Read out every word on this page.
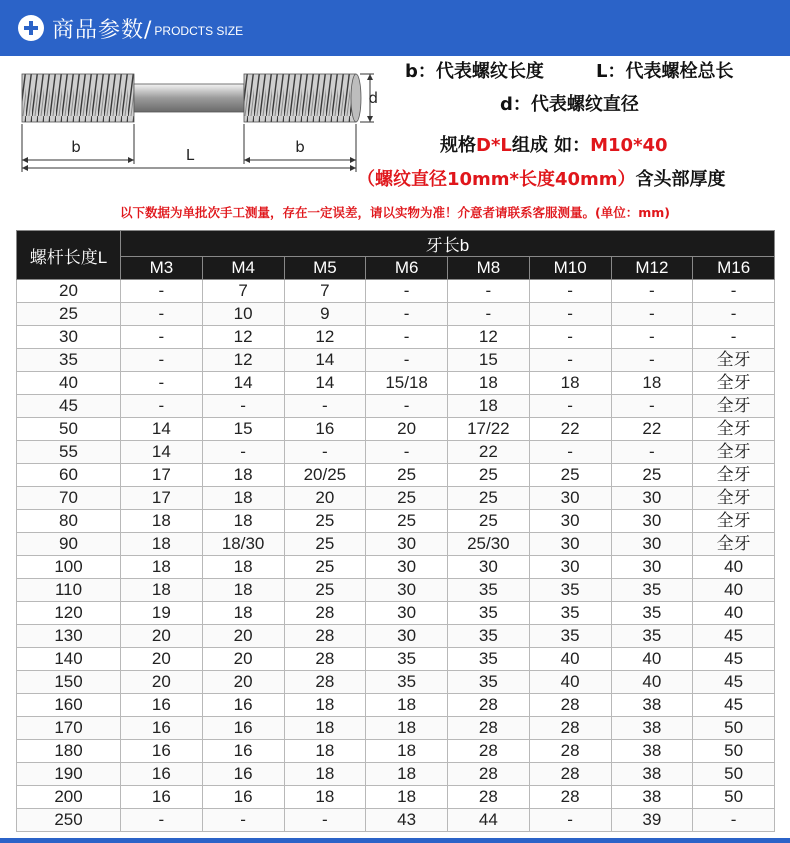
商品参数/ PRODCTS SIZE
b	b
L
d
b：代表螺纹长度	L：代表螺栓总长
d：代表螺纹直径
规格D*L组成 如：M10*40
（螺纹直径10mm*长度40mm）含头部厚度
以下数据为单批次手工测量，存在一定误差，请以实物为准！介意者请联系客服测量。(单位：mm)
螺杆长度L	牙长b							
	M3	M4	M5	M6	M8	M10	M12	M16
20	-	7	7	-	-	-	-	-
25	-	10	9	-	-	-	-	-
30	-	12	12	-	12	-	-	-
35	-	12	14	-	15	-	-	全牙
40	-	14	14	15/18	18	18	18	全牙
45	-	-	-	-	18	-	-	全牙
50	14	15	16	20	17/22	22	22	全牙
55	14	-	-	-	22	-	-	全牙
60	17	18	20/25	25	25	25	25	全牙
70	17	18	20	25	25	30	30	全牙
80	18	18	25	25	25	30	30	全牙
90	18	18/30	25	30	25/30	30	30	全牙
100	18	18	25	30	30	30	30	40
110	18	18	25	30	35	35	35	40
120	19	18	28	30	35	35	35	40
130	20	20	28	30	35	35	35	45
140	20	20	28	35	35	40	40	45
150	20	20	28	35	35	40	40	45
160	16	16	18	18	28	28	38	45
170	16	16	18	18	28	28	38	50
180	16	16	18	18	28	28	38	50
190	16	16	18	18	28	28	38	50
200	16	16	18	18	28	28	38	50
250	-	-	-	43	44	-	39	-
